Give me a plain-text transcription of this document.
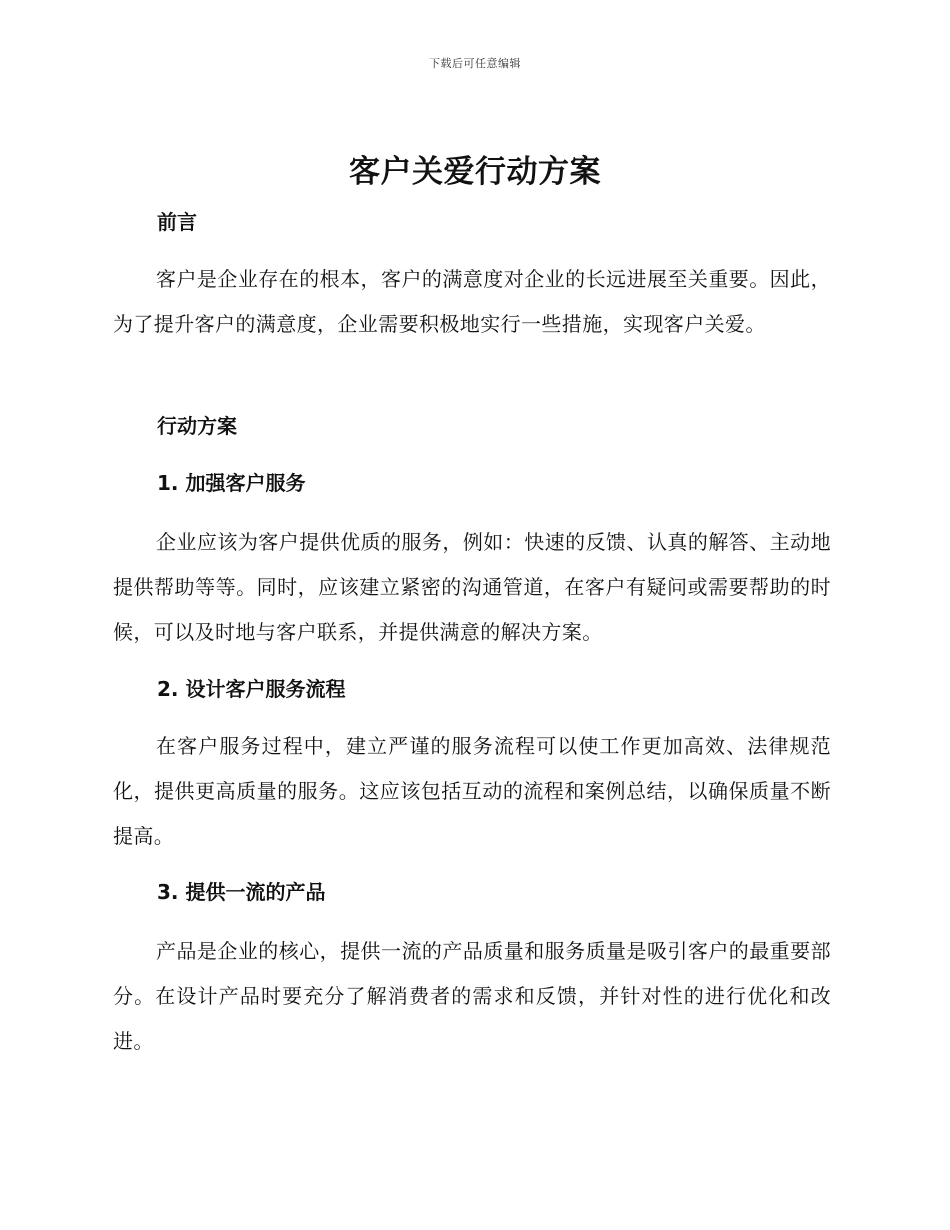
下载后可任意编辑
客户关爱行动方案
前言

客户是企业存在的根本，客户的满意度对企业的长远进展至关重要。因此，为了提升客户的满意度，企业需要积极地实行一些措施，实现客户关爱。

行动方案
1. 加强客户服务

企业应该为客户提供优质的服务，例如：快速的反馈、认真的解答、主动地提供帮助等等。同时，应该建立紧密的沟通管道，在客户有疑问或需要帮助的时候，可以及时地与客户联系，并提供满意的解决方案。

2. 设计客户服务流程

在客户服务过程中，建立严谨的服务流程可以使工作更加高效、法律规范化，提供更高质量的服务。这应该包括互动的流程和案例总结，以确保质量不断提高。

3. 提供一流的产品

产品是企业的核心，提供一流的产品质量和服务质量是吸引客户的最重要部分。在设计产品时要充分了解消费者的需求和反馈，并针对性的进行优化和改进。
